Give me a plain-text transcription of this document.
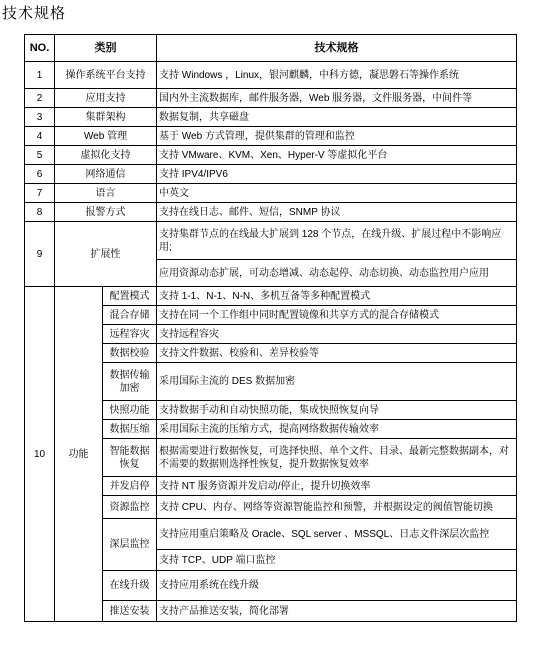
技术规格
NO.	类别		技术规格
1	操作系统平台支持		支持 Windows ，Linux，银河麒麟，中科方德，凝思磐石等操作系统
2	应用支持		国内外主流数据库，邮件服务器，Web 服务器，文件服务器，中间件等
3	集群架构		数据复制，共享磁盘
4	Web 管理		基于 Web 方式管理，提供集群的管理和监控
5	虚拟化支持		支持 VMware、KVM、Xen、Hyper-V 等虚拟化平台
6	网络通信		支持 IPV4/IPV6
7	语言		中英文
8	报警方式		支持在线日志、邮件、短信，SNMP 协议
9	扩展性		支持集群节点的在线最大扩展到 128 个节点，在线升级、扩展过程中不影响应用;
			应用资源动态扩展，可动态增减、动态起停、动态切换、动态监控用户应用
10	功能	配置模式	支持 1-1、N-1、N-N、多机互备等多种配置模式
		混合存储	支持在同一个工作组中同时配置镜像和共享方式的混合存储模式
		远程容灾	支持远程容灾
		数据校验	支持文件数据、校验和、差异校验等
		数据传输加密	采用国际主流的 DES 数据加密
		快照功能	支持数据手动和自动快照功能，集成快照恢复向导
		数据压缩	采用国际主流的压缩方式，提高网络数据传输效率
		智能数据恢复	根据需要进行数据恢复，可选择快照、单个文件、目录、最新完整数据副本，对不需要的数据则选择性恢复，提升数据恢复效率
		并发启停	支持 NT 服务资源并发启动/停止，提升切换效率
		资源监控	支持 CPU、内存、网络等资源智能监控和预警，并根据设定的阀值智能切换
		深层监控	支持应用重启策略及 Oracle、SQL server 、MSSQL、日志文件深层次监控
			支持 TCP、UDP 端口监控
		在线升级	支持应用系统在线升级
		推送安装	支持产品推送安装，简化部署
